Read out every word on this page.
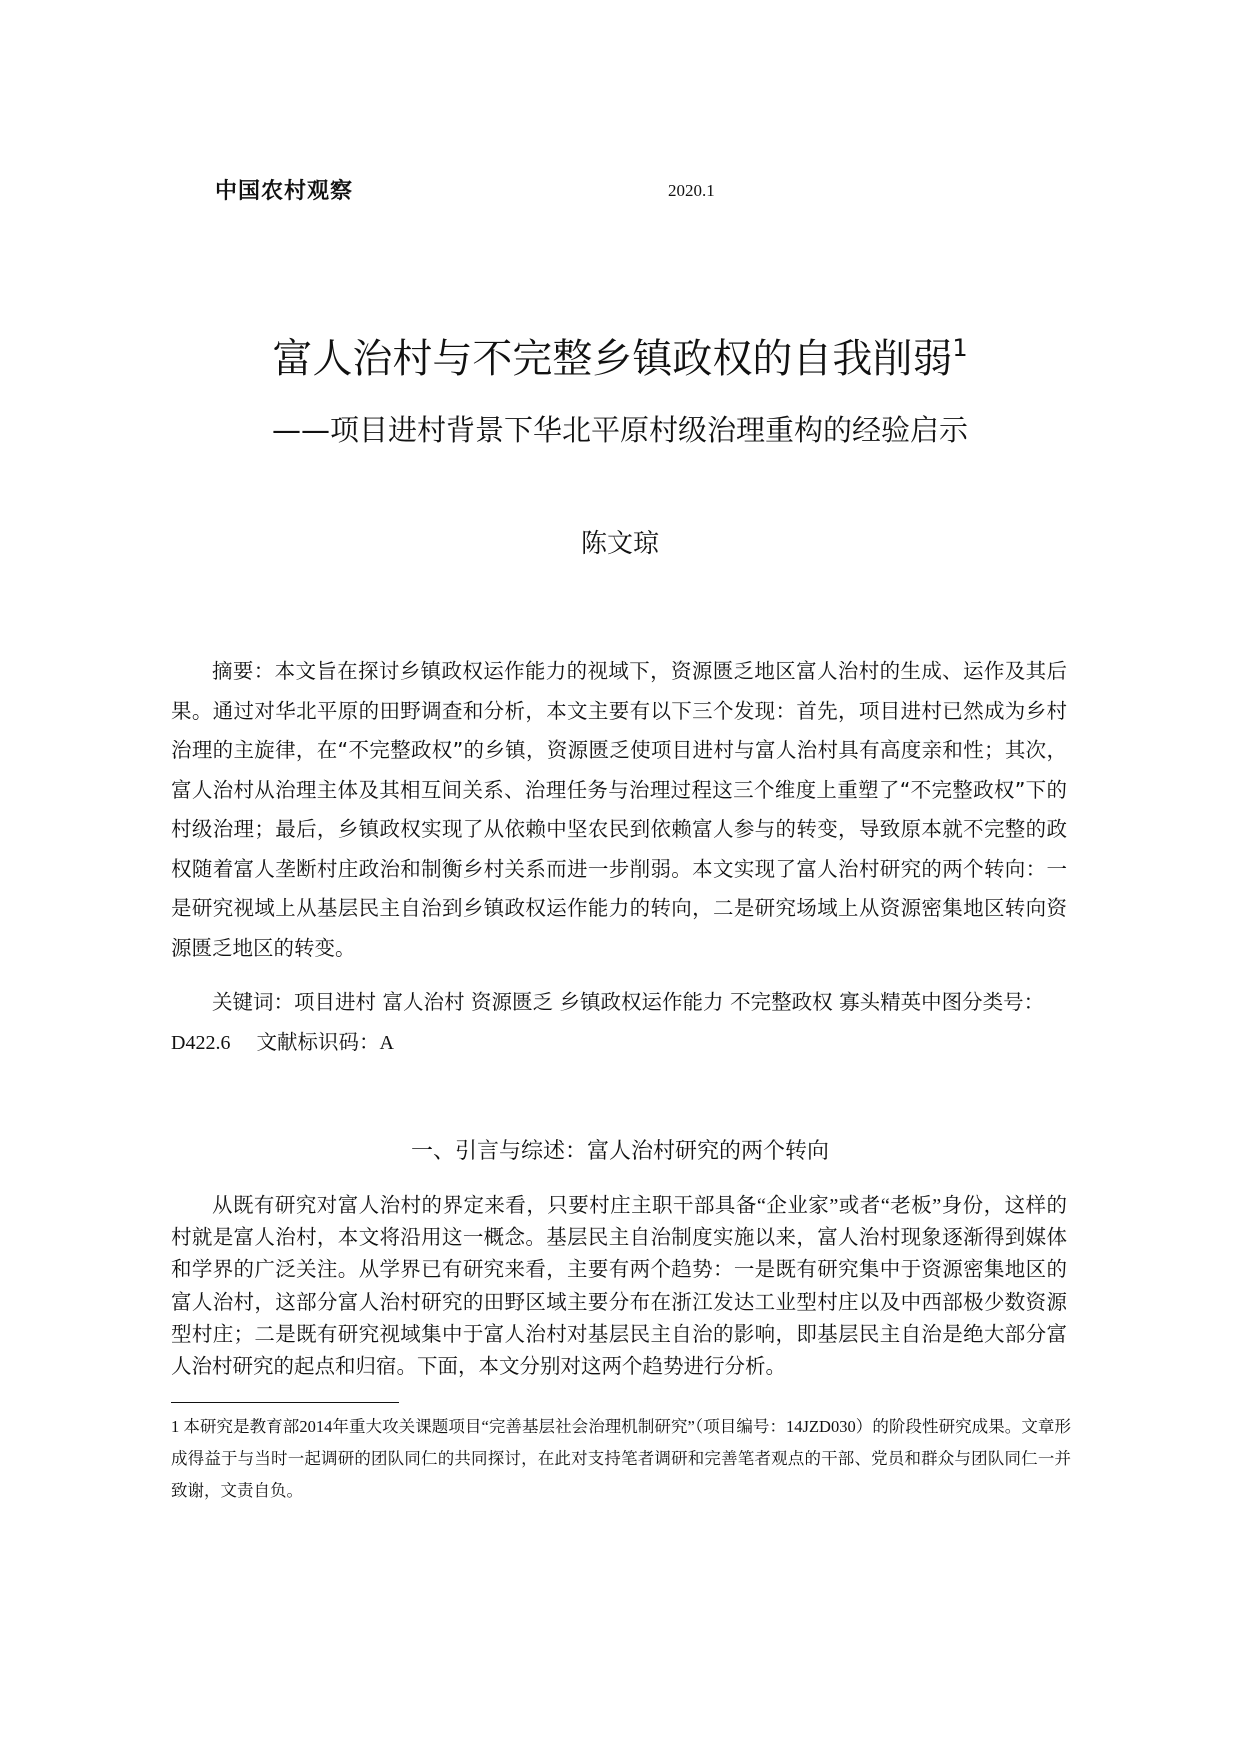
中国农村观察	2020.1
富人治村与不完整乡镇政权的自我削弱$^1$
——项目进村背景下华北平原村级治理重构的经验启示
陈文琼

摘要：本文旨在探讨乡镇政权运作能力的视域下，资源匮乏地区富人治村的生成、运作及其后果。通过对华北平原的田野调查和分析，本文主要有以下三个发现：首先，项目进村已然成为乡村治理的主旋律，在“不完整政权”的乡镇，资源匮乏使项目进村与富人治村具有高度亲和性；其次，富人治村从治理主体及其相互间关系、治理任务与治理过程这三个维度上重塑了“不完整政权”下的村级治理；最后，乡镇政权实现了从依赖中坚农民到依赖富人参与的转变，导致原本就不完整的政权随着富人垄断村庄政治和制衡乡村关系而进一步削弱。本文实现了富人治村研究的两个转向：一是研究视域上从基层民主自治到乡镇政权运作能力的转向，二是研究场域上从资源密集地区转向资源匮乏地区的转变。

关键词：项目进村 富人治村 资源匮乏 乡镇政权运作能力 不完整政权 寡头精英中图分类号：D422.6 文献标识码：A

一、引言与综述：富人治村研究的两个转向

从既有研究对富人治村的界定来看，只要村庄主职干部具备“企业家”或者“老板”身份，这样的村就是富人治村，本文将沿用这一概念。基层民主自治制度实施以来，富人治村现象逐渐得到媒体和学界的广泛关注。从学界已有研究来看，主要有两个趋势：一是既有研究集中于资源密集地区的富人治村，这部分富人治村研究的田野区域主要分布在浙江发达工业型村庄以及中西部极少数资源型村庄；二是既有研究视域集中于富人治村对基层民主自治的影响，即基层民主自治是绝大部分富人治村研究的起点和归宿。下面，本文分别对这两个趋势进行分析。

1 本研究是教育部2014年重大攻关课题项目“完善基层社会治理机制研究”（项目编号：14JZD030）的阶段性研究成果。文章形成得益于与当时一起调研的团队同仁的共同探讨，在此对支持笔者调研和完善笔者观点的干部、党员和群众与团队同仁一并致谢，文责自负。
